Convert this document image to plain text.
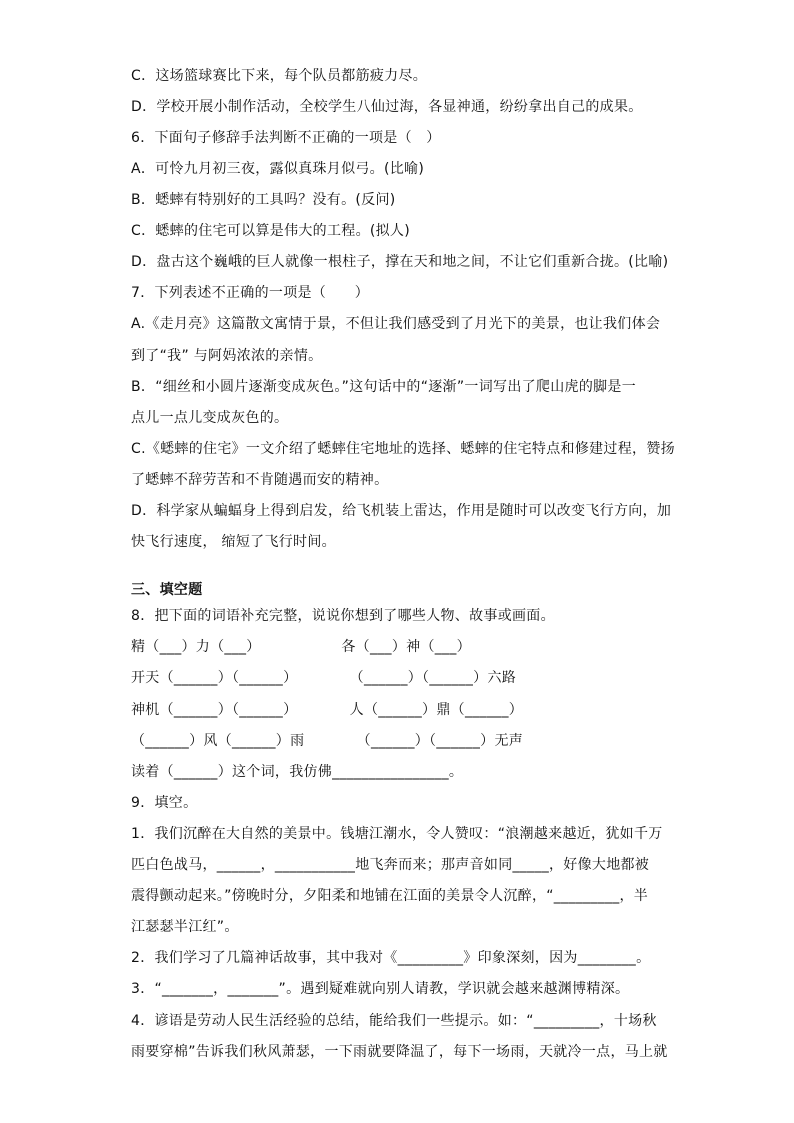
C．这场篮球赛比下来，每个队员都筋疲力尽。
D．学校开展小制作活动，全校学生八仙过海，各显神通，纷纷拿出自己的成果。
6．下面句子修辞手法判断不正确的一项是（　）
A．可怜九月初三夜，露似真珠月似弓。(比喻)
B．蟋蟀有特别好的工具吗？没有。(反问)
C．蟋蟀的住宅可以算是伟大的工程。(拟人)
D．盘古这个巍峨的巨人就像一根柱子，撑在天和地之间，不让它们重新合拢。(比喻)
7．下列表述不正确的一项是（　　）
A.《走月亮》这篇散文寓情于景，不但让我们感受到了月光下的美景，也让我们体会
到了“我” 与阿妈浓浓的亲情。
B．“细丝和小圆片逐渐变成灰色。”这句话中的“逐渐”一词写出了爬山虎的脚是一
点儿一点儿变成灰色的。
C.《蟋蟀的住宅》一文介绍了蟋蟀住宅地址的选择、蟋蟀的住宅特点和修建过程，赞扬
了蟋蟀不辞劳苦和不肯随遇而安的精神。
D．科学家从蝙蝠身上得到启发，给飞机装上雷达，作用是随时可以改变飞行方向，加
快飞行速度， 缩短了飞行时间。
三、填空题
8．把下面的词语补充完整，说说你想到了哪些人物、故事或画面。
精（___）力（___）                 各（___）神（___）
开天（______）（______）           （______）（______）六路
神机（______）（______）           人（______）鼎（______）
（______）风（______）雨           （______）（______）无声
读着（______）这个词，我仿佛________________。
9．填空。
1．我们沉醉在大自然的美景中。钱塘江潮水，令人赞叹：“浪潮越来越近，犹如千万
匹白色战马，______，___________地飞奔而来；那声音如同_____，好像大地都被
震得颤动起来。”傍晚时分，夕阳柔和地铺在江面的美景令人沉醉，“_________，半
江瑟瑟半江红”。
2．我们学习了几篇神话故事，其中我对《_________》印象深刻，因为________。
3．“_______，_______”。遇到疑难就向别人请教，学识就会越来越渊博精深。
4．谚语是劳动人民生活经验的总结，能给我们一些提示。如：“_________，十场秋
雨要穿棉”告诉我们秋风萧瑟，一下雨就要降温了，每下一场雨，天就冷一点，马上就
